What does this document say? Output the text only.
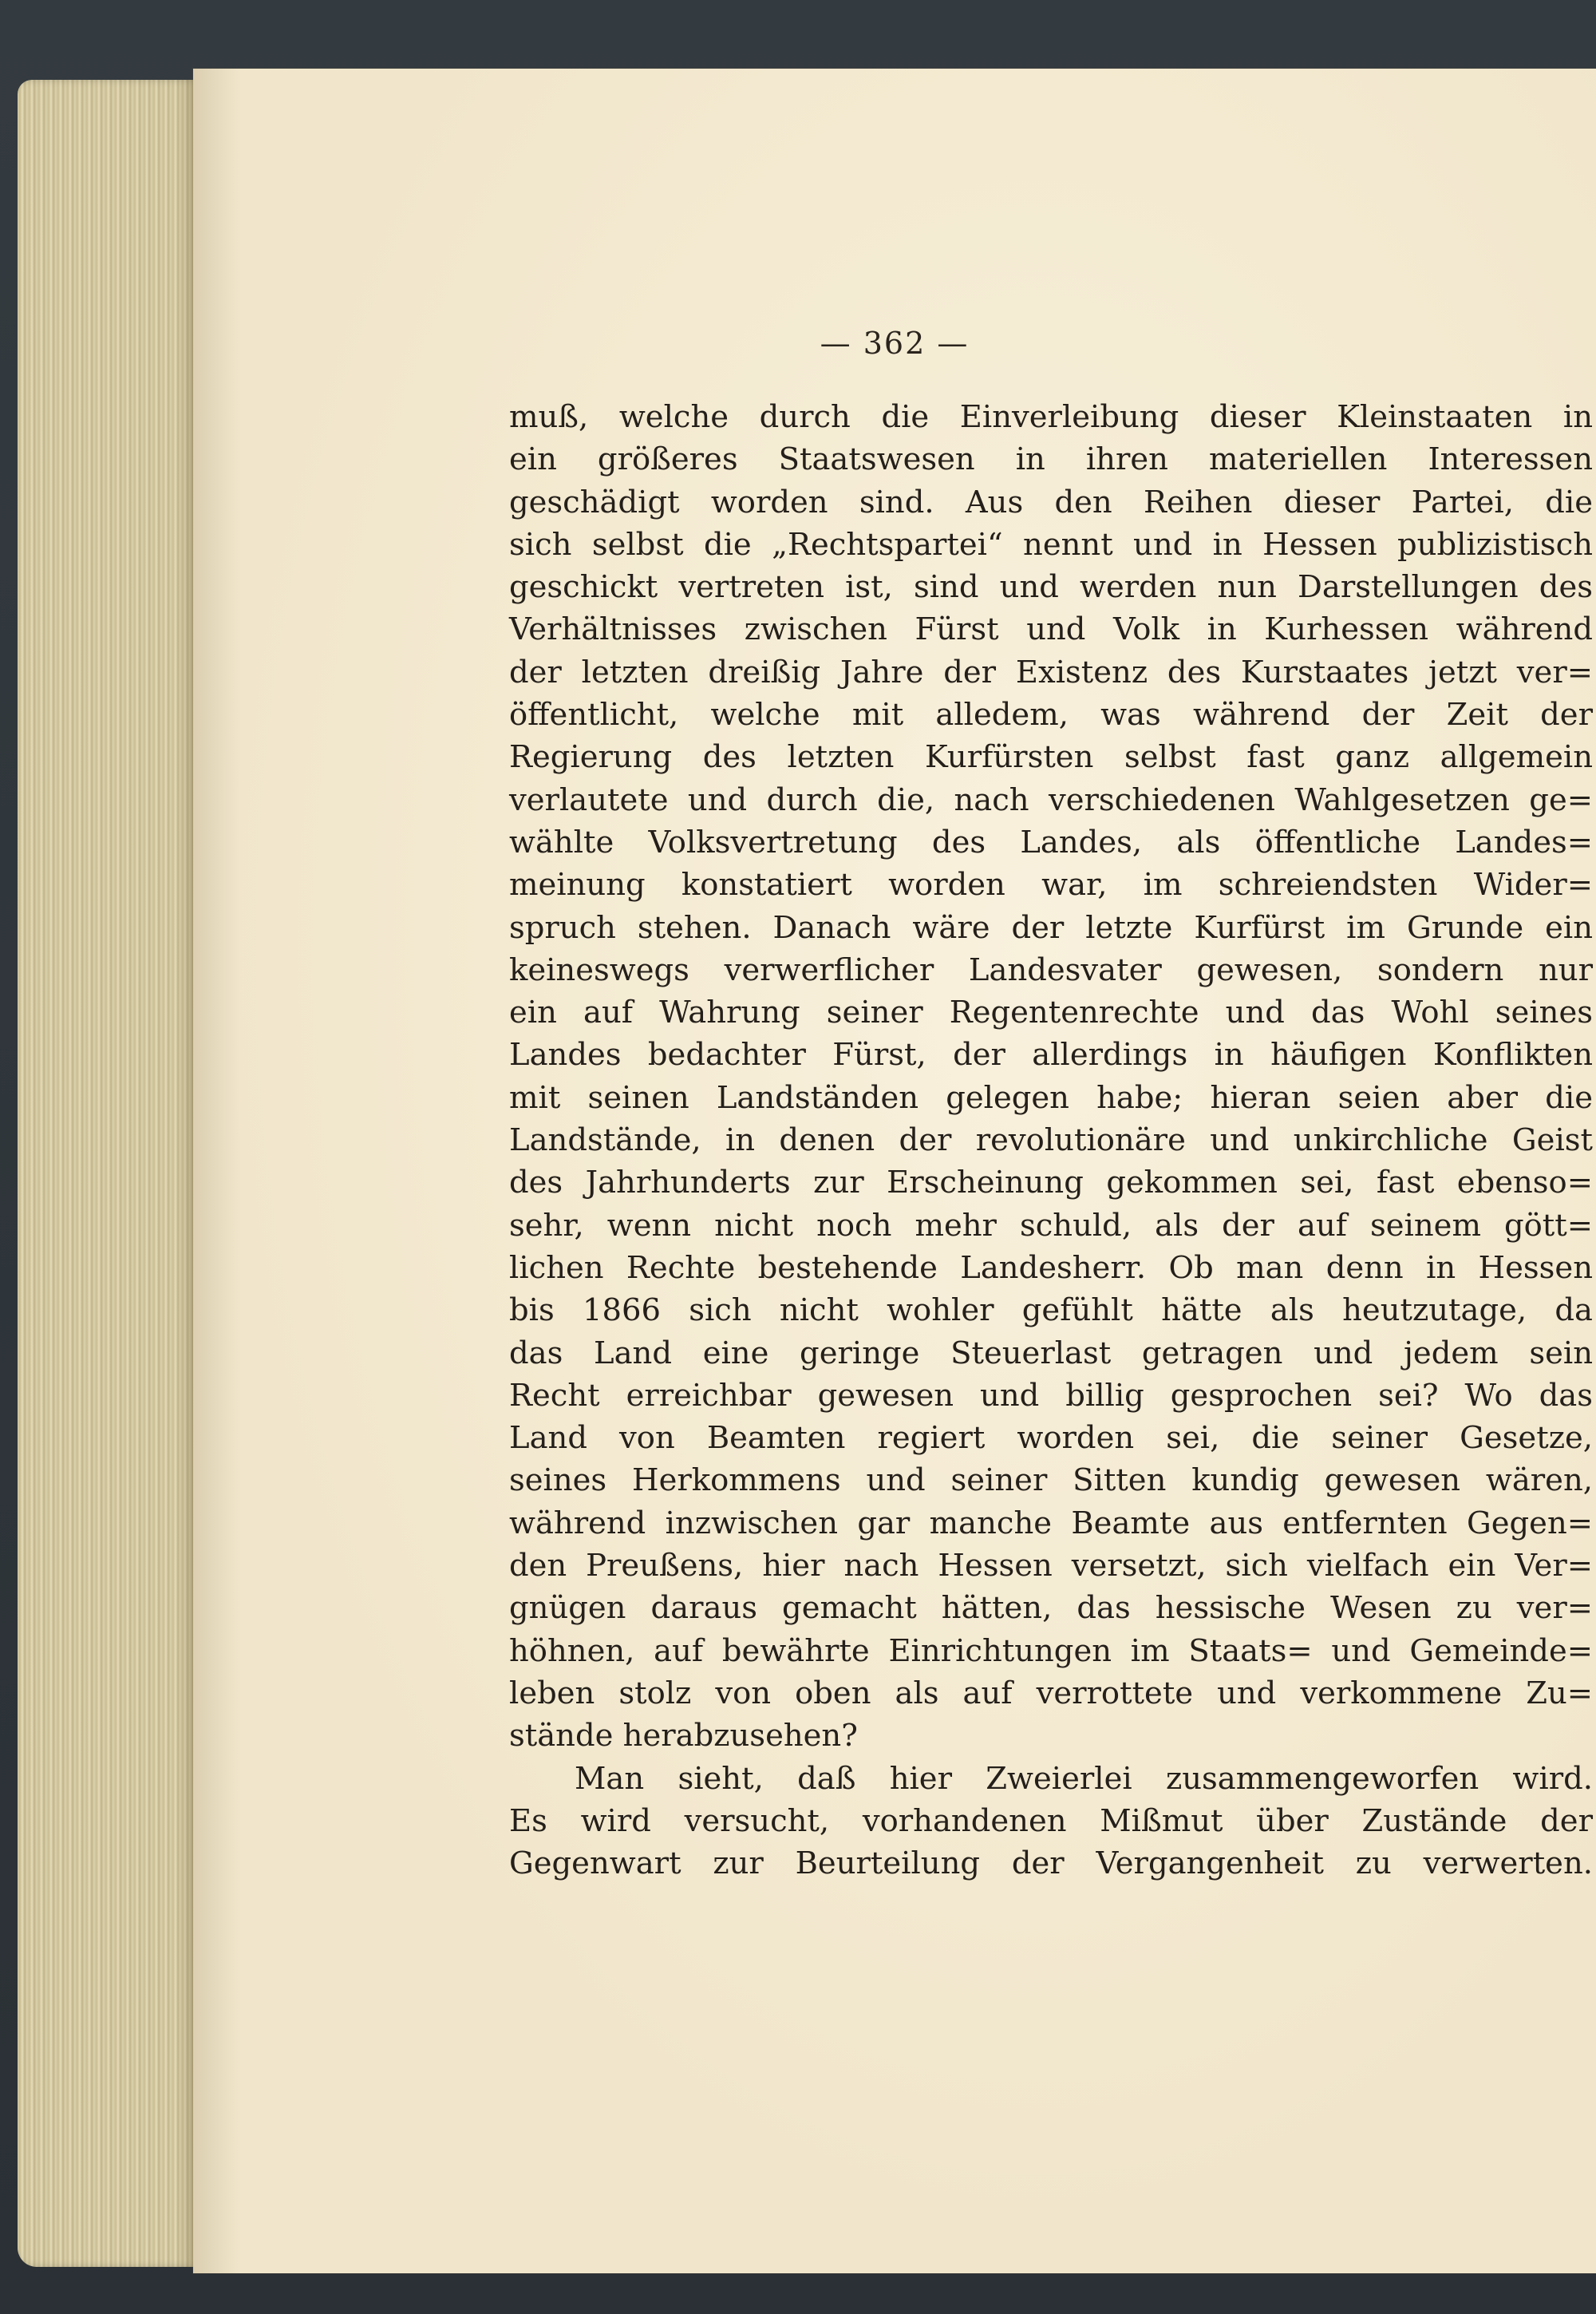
— 362 —
muß, welche durch die Einverleibung dieser Kleinstaaten in
ein größeres Staatswesen in ihren materiellen Interessen
geschädigt worden sind. Aus den Reihen dieser Partei, die
sich selbst die „Rechtspartei“ nennt und in Hessen publizistisch
geschickt vertreten ist, sind und werden nun Darstellungen des
Verhältnisses zwischen Fürst und Volk in Kurhessen während
der letzten dreißig Jahre der Existenz des Kurstaates jetzt ver=
öffentlicht, welche mit alledem, was während der Zeit der
Regierung des letzten Kurfürsten selbst fast ganz allgemein
verlautete und durch die, nach verschiedenen Wahlgesetzen ge=
wählte Volksvertretung des Landes, als öffentliche Landes=
meinung konstatiert worden war, im schreiendsten Wider=
spruch stehen. Danach wäre der letzte Kurfürst im Grunde ein
keineswegs verwerflicher Landesvater gewesen, sondern nur
ein auf Wahrung seiner Regentenrechte und das Wohl seines
Landes bedachter Fürst, der allerdings in häufigen Konflikten
mit seinen Landständen gelegen habe; hieran seien aber die
Landstände, in denen der revolutionäre und unkirchliche Geist
des Jahrhunderts zur Erscheinung gekommen sei, fast ebenso=
sehr, wenn nicht noch mehr schuld, als der auf seinem gött=
lichen Rechte bestehende Landesherr. Ob man denn in Hessen
bis 1866 sich nicht wohler gefühlt hätte als heutzutage, da
das Land eine geringe Steuerlast getragen und jedem sein
Recht erreichbar gewesen und billig gesprochen sei? Wo das
Land von Beamten regiert worden sei, die seiner Gesetze,
seines Herkommens und seiner Sitten kundig gewesen wären,
während inzwischen gar manche Beamte aus entfernten Gegen=
den Preußens, hier nach Hessen versetzt, sich vielfach ein Ver=
gnügen daraus gemacht hätten, das hessische Wesen zu ver=
höhnen, auf bewährte Einrichtungen im Staats= und Gemeinde=
leben stolz von oben als auf verrottete und verkommene Zu=
stände herabzusehen?
Man sieht, daß hier Zweierlei zusammengeworfen wird.
Es wird versucht, vorhandenen Mißmut über Zustände der
Gegenwart zur Beurteilung der Vergangenheit zu verwerten.
